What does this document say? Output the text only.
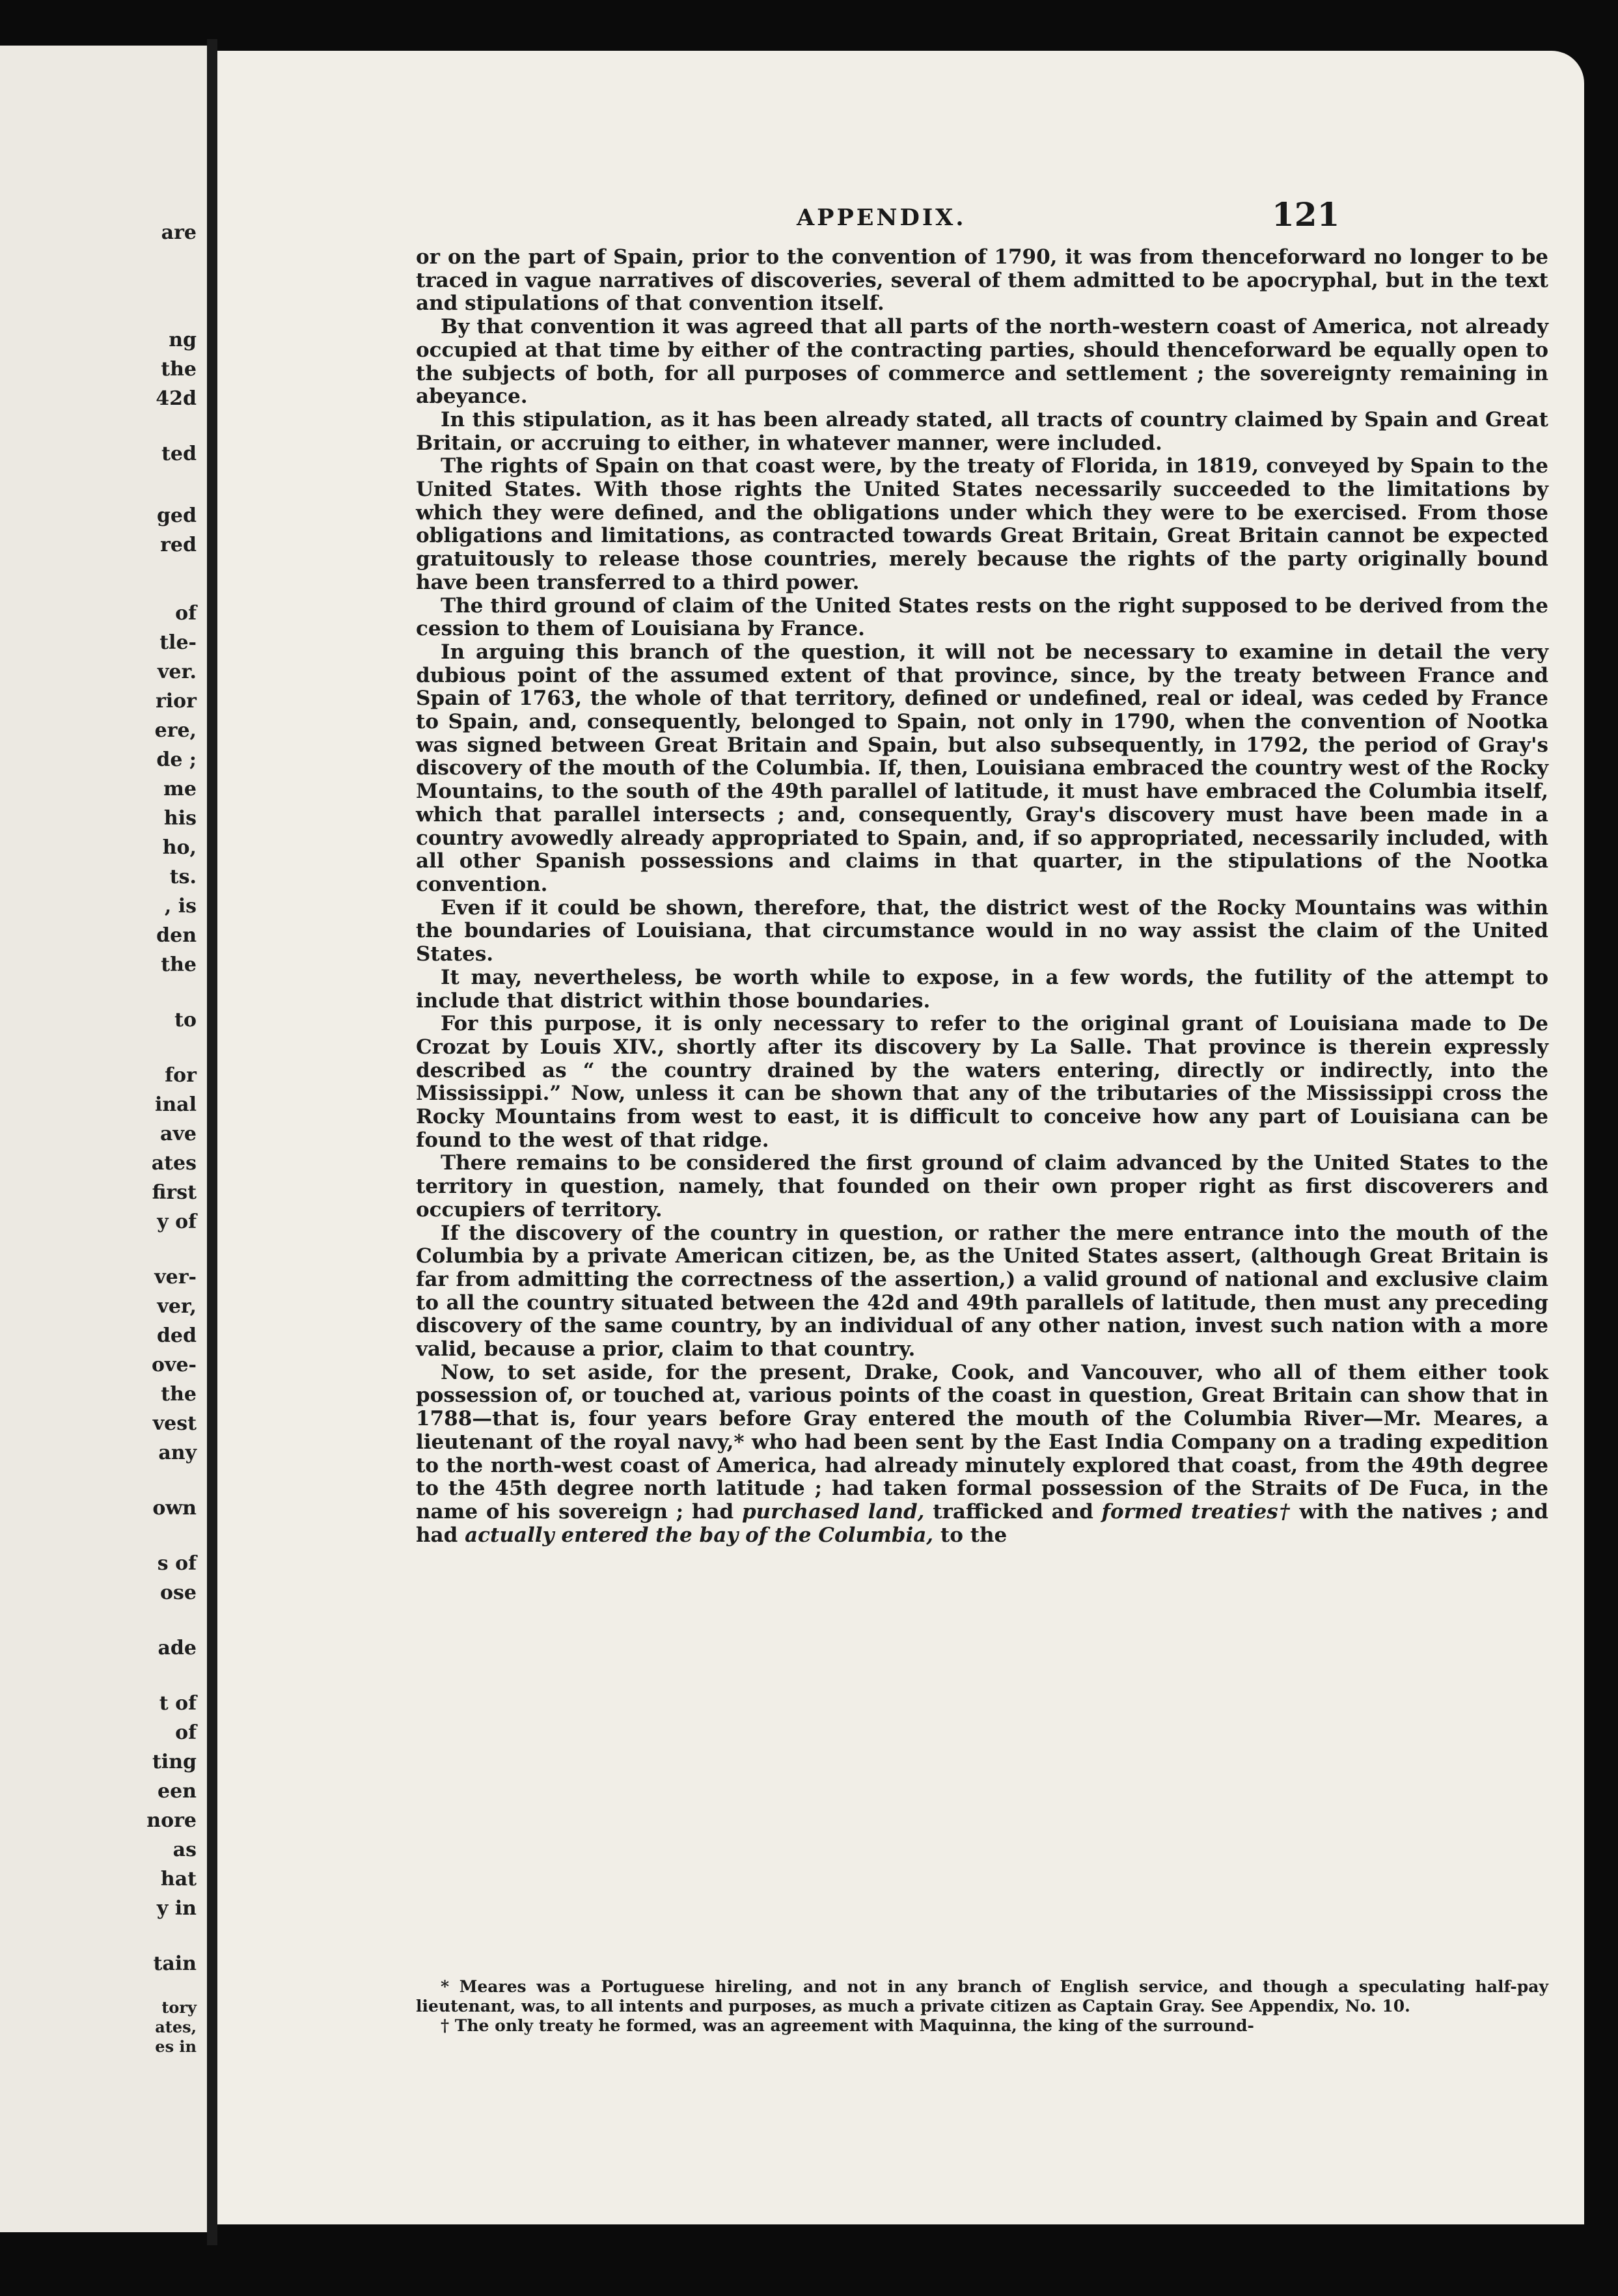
are
ng
the
42d
ted
ged
red
of
tle-
ver.
rior
ere,
de ;
me
his
ho,
ts.
, is
den
the
to
for
inal
ave
ates
first
y of
ver-
ver,
ded
ove-
the
vest
any
own
s of
ose
ade
t of
of
ting
een
nore
as
hat
y in
tain
tory
ates,
es in
APPENDIX.	121

or on the part of Spain, prior to the convention of 1790, it was from thenceforward no longer to be traced in vague narratives of discoveries, several of them admitted to be apocryphal, but in the text and stipulations of that convention itself.

By that convention it was agreed that all parts of the north-western coast of America, not already occupied at that time by either of the contracting parties, should thenceforward be equally open to the subjects of both, for all purposes of commerce and settlement ; the sovereignty remaining in abeyance.

In this stipulation, as it has been already stated, all tracts of country claimed by Spain and Great Britain, or accruing to either, in whatever manner, were included.

The rights of Spain on that coast were, by the treaty of Florida, in 1819, conveyed by Spain to the United States. With those rights the United States necessarily succeeded to the limitations by which they were defined, and the obligations under which they were to be exercised. From those obligations and limitations, as contracted towards Great Britain, Great Britain cannot be expected gratuitously to release those countries, merely because the rights of the party originally bound have been transferred to a third power.

The third ground of claim of the United States rests on the right supposed to be derived from the cession to them of Louisiana by France.

In arguing this branch of the question, it will not be necessary to examine in detail the very dubious point of the assumed extent of that province, since, by the treaty between France and Spain of 1763, the whole of that territory, defined or undefined, real or ideal, was ceded by France to Spain, and, consequently, belonged to Spain, not only in 1790, when the convention of Nootka was signed between Great Britain and Spain, but also subsequently, in 1792, the period of Gray's discovery of the mouth of the Columbia. If, then, Louisiana embraced the country west of the Rocky Mountains, to the south of the 49th parallel of latitude, it must have embraced the Columbia itself, which that parallel intersects ; and, consequently, Gray's discovery must have been made in a country avowedly already appropriated to Spain, and, if so appropriated, necessarily included, with all other Spanish possessions and claims in that quarter, in the stipulations of the Nootka convention.

Even if it could be shown, therefore, that, the district west of the Rocky Mountains was within the boundaries of Louisiana, that circumstance would in no way assist the claim of the United States.

It may, nevertheless, be worth while to expose, in a few words, the futility of the attempt to include that district within those boundaries.

For this purpose, it is only necessary to refer to the original grant of Louisiana made to De Crozat by Louis XIV., shortly after its discovery by La Salle. That province is therein expressly described as “ the country drained by the waters entering, directly or indirectly, into the Mississippi.” Now, unless it can be shown that any of the tributaries of the Mississippi cross the Rocky Mountains from west to east, it is difficult to conceive how any part of Louisiana can be found to the west of that ridge.

There remains to be considered the first ground of claim advanced by the United States to the territory in question, namely, that founded on their own proper right as first discoverers and occupiers of territory.

If the discovery of the country in question, or rather the mere entrance into the mouth of the Columbia by a private American citizen, be, as the United States assert, (although Great Britain is far from admitting the correctness of the assertion,) a valid ground of national and exclusive claim to all the country situated between the 42d and 49th parallels of latitude, then must any preceding discovery of the same country, by an individual of any other nation, invest such nation with a more valid, because a prior, claim to that country.

Now, to set aside, for the present, Drake, Cook, and Vancouver, who all of them either took possession of, or touched at, various points of the coast in question, Great Britain can show that in 1788—that is, four years before Gray entered the mouth of the Columbia River—Mr. Meares, a lieutenant of the royal navy,* who had been sent by the East India Company on a trading expedition to the north-west coast of America, had already minutely explored that coast, from the 49th degree to the 45th degree north latitude ; had taken formal possession of the Straits of De Fuca, in the name of his sovereign ; had purchased land, trafficked and formed treaties† with the natives ; and had actually entered the bay of the Columbia, to the

* Meares was a Portuguese hireling, and not in any branch of English service, and though a speculating half-pay lieutenant, was, to all intents and purposes, as much a private citizen as Captain Gray. See Appendix, No. 10.

† The only treaty he formed, was an agreement with Maquinna, the king of the surround-
